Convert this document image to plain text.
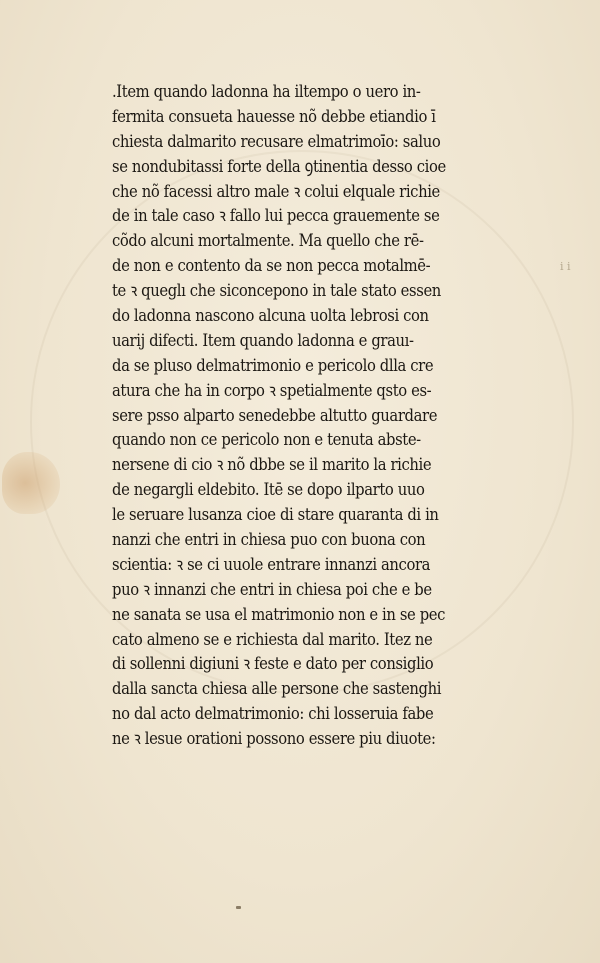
i i
.Item quando ladonna ha iltempo o uero in-
fermita consueta hauesse nõ debbe etiandio ī
chiesta dalmarito recusare elmatrimoīo: saluo
se nondubitassi forte della ꝯtinentia desso cioe
che nõ facessi altro male ꝛ colui elquale richie
de in tale caso ꝛ fallo lui pecca grauemente se
cõdo alcuni mortalmente. Ma quello che rē-
de non e contento da se non pecca motalmē-
te ꝛ queglı che siconcepono in tale stato essen
do ladonna nascono alcuna uolta lebrosi con
uarij difecti. Item quando ladonna e grauı-
da se pluso delmatrimonio e pericolo dlla cre
atura che ha in corpo ꝛ spetialmente qsto es-
sere psso alparto senedebbe altutto guardare
quando non ce pericolo non e tenuta abste-
nersene di cio ꝛ nõ dbbe se il marito la richie
de negargli eldebito. Itē se dopo ilparto uuo
le seruare lusanza cioe di stare quaranta di in
nanzi che entri in chiesa puo con buona con
scientia: ꝛ se ci uuole entrare innanzi ancora
puo ꝛ innanzi che entri in chiesa poi che e be
ne sanata se usa el matrimonio non e in se pec
cato almeno se e richiesta dal marito. Itez ne
di sollenni digiuni ꝛ feste e dato per consiglio
dalla sancta chiesa alle persone che sastenghi
no dal acto delmatrimonio: chi losseruia fabe
ne ꝛ lesue orationi possono essere piu diuote:
